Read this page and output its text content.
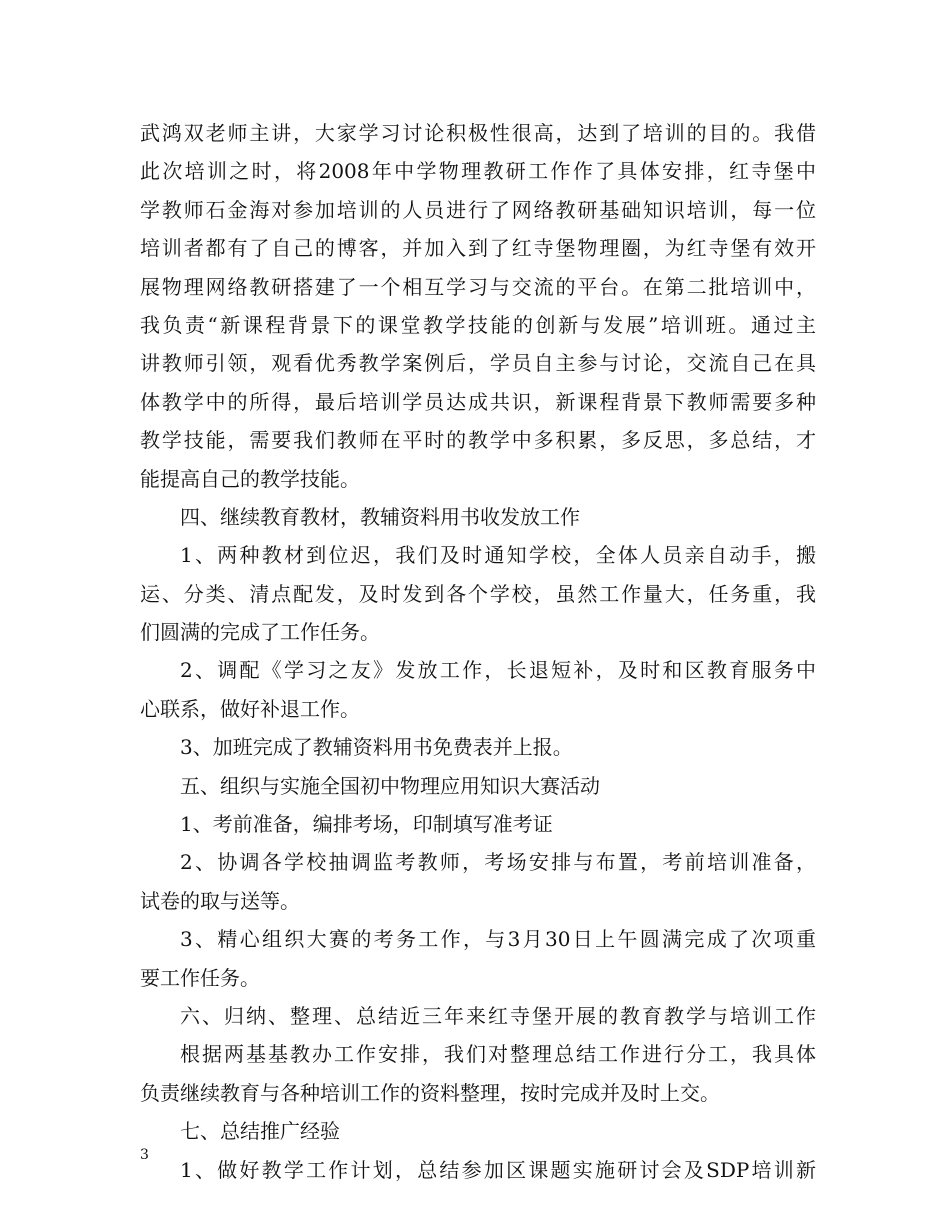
武鸿双老师主讲，大家学习讨论积极性很高，达到了培训的目的。我借
此次培训之时，将2008年中学物理教研工作作了具体安排，红寺堡中
学教师石金海对参加培训的人员进行了网络教研基础知识培训，每一位
培训者都有了自己的博客，并加入到了红寺堡物理圈，为红寺堡有效开
展物理网络教研搭建了一个相互学习与交流的平台。在第二批培训中，
我负责“新课程背景下的课堂教学技能的创新与发展”培训班。通过主
讲教师引领，观看优秀教学案例后，学员自主参与讨论，交流自己在具
体教学中的所得，最后培训学员达成共识，新课程背景下教师需要多种
教学技能，需要我们教师在平时的教学中多积累，多反思，多总结，才
能提高自己的教学技能。
四、继续教育教材，教辅资料用书收发放工作
1、两种教材到位迟，我们及时通知学校，全体人员亲自动手，搬
运、分类、清点配发，及时发到各个学校，虽然工作量大，任务重，我
们圆满的完成了工作任务。
2、调配《学习之友》发放工作，长退短补，及时和区教育服务中
心联系，做好补退工作。
3、加班完成了教辅资料用书免费表并上报。
五、组织与实施全国初中物理应用知识大赛活动
1、考前准备，编排考场，印制填写准考证
2、协调各学校抽调监考教师，考场安排与布置，考前培训准备，
试卷的取与送等。
3、精心组织大赛的考务工作，与3月30日上午圆满完成了次项重
要工作任务。
六、归纳、整理、总结近三年来红寺堡开展的教育教学与培训工作
根据两基基教办工作安排，我们对整理总结工作进行分工，我具体
负责继续教育与各种培训工作的资料整理，按时完成并及时上交。
七、总结推广经验
1、做好教学工作计划，总结参加区课题实施研讨会及SDP培训新
3
